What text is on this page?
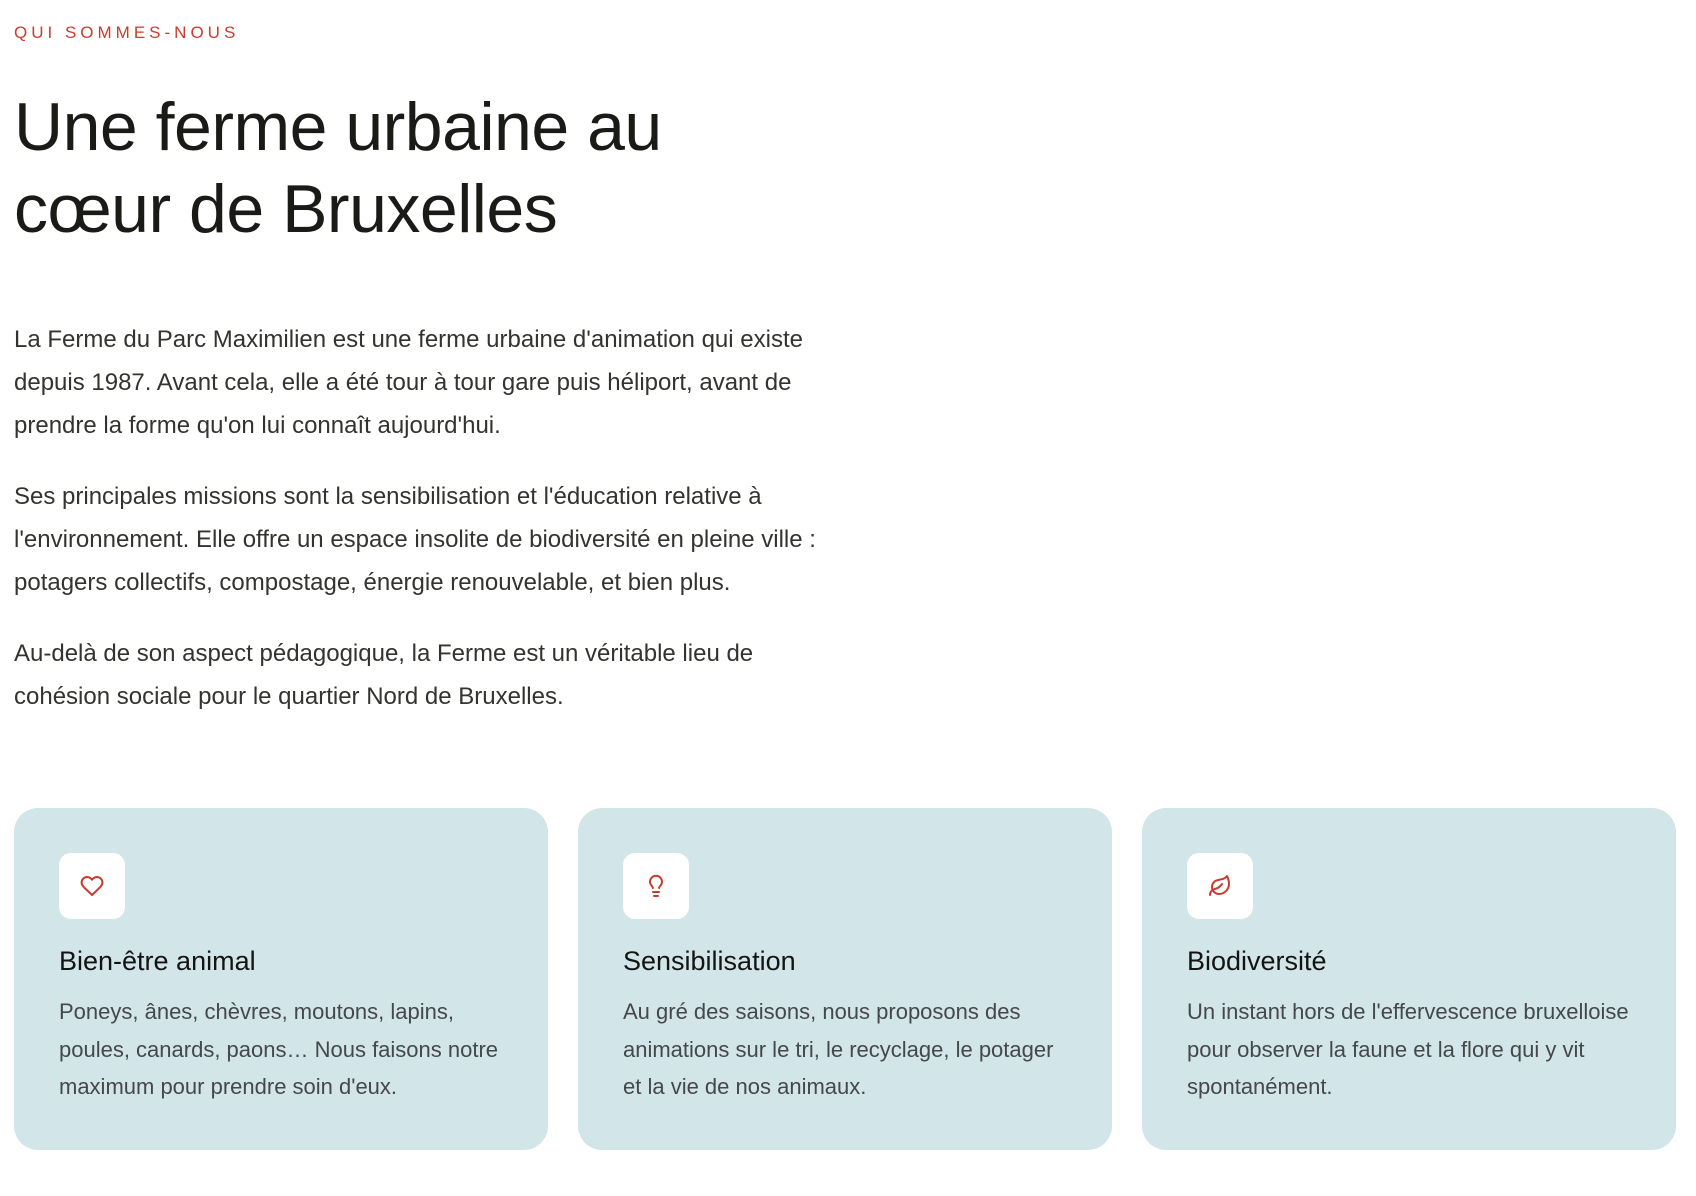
QUI SOMMES-NOUS

Une ferme urbaine au cœur de Bruxelles

La Ferme du Parc Maximilien est une ferme urbaine d'animation qui existe depuis 1987. Avant cela, elle a été tour à tour gare puis héliport, avant de prendre la forme qu'on lui connaît aujourd'hui.

Ses principales missions sont la sensibilisation et l'éducation relative à l'environnement. Elle offre un espace insolite de biodiversité en pleine ville : potagers collectifs, compostage, énergie renouvelable, et bien plus.

Au-delà de son aspect pédagogique, la Ferme est un véritable lieu de cohésion sociale pour le quartier Nord de Bruxelles.

Bien-être animal

Poneys, ânes, chèvres, moutons, lapins, poules, canards, paons… Nous faisons notre maximum pour prendre soin d'eux.

Sensibilisation

Au gré des saisons, nous proposons des animations sur le tri, le recyclage, le potager et la vie de nos animaux.

Biodiversité

Un instant hors de l'effervescence bruxelloise pour observer la faune et la flore qui y vit spontanément.
